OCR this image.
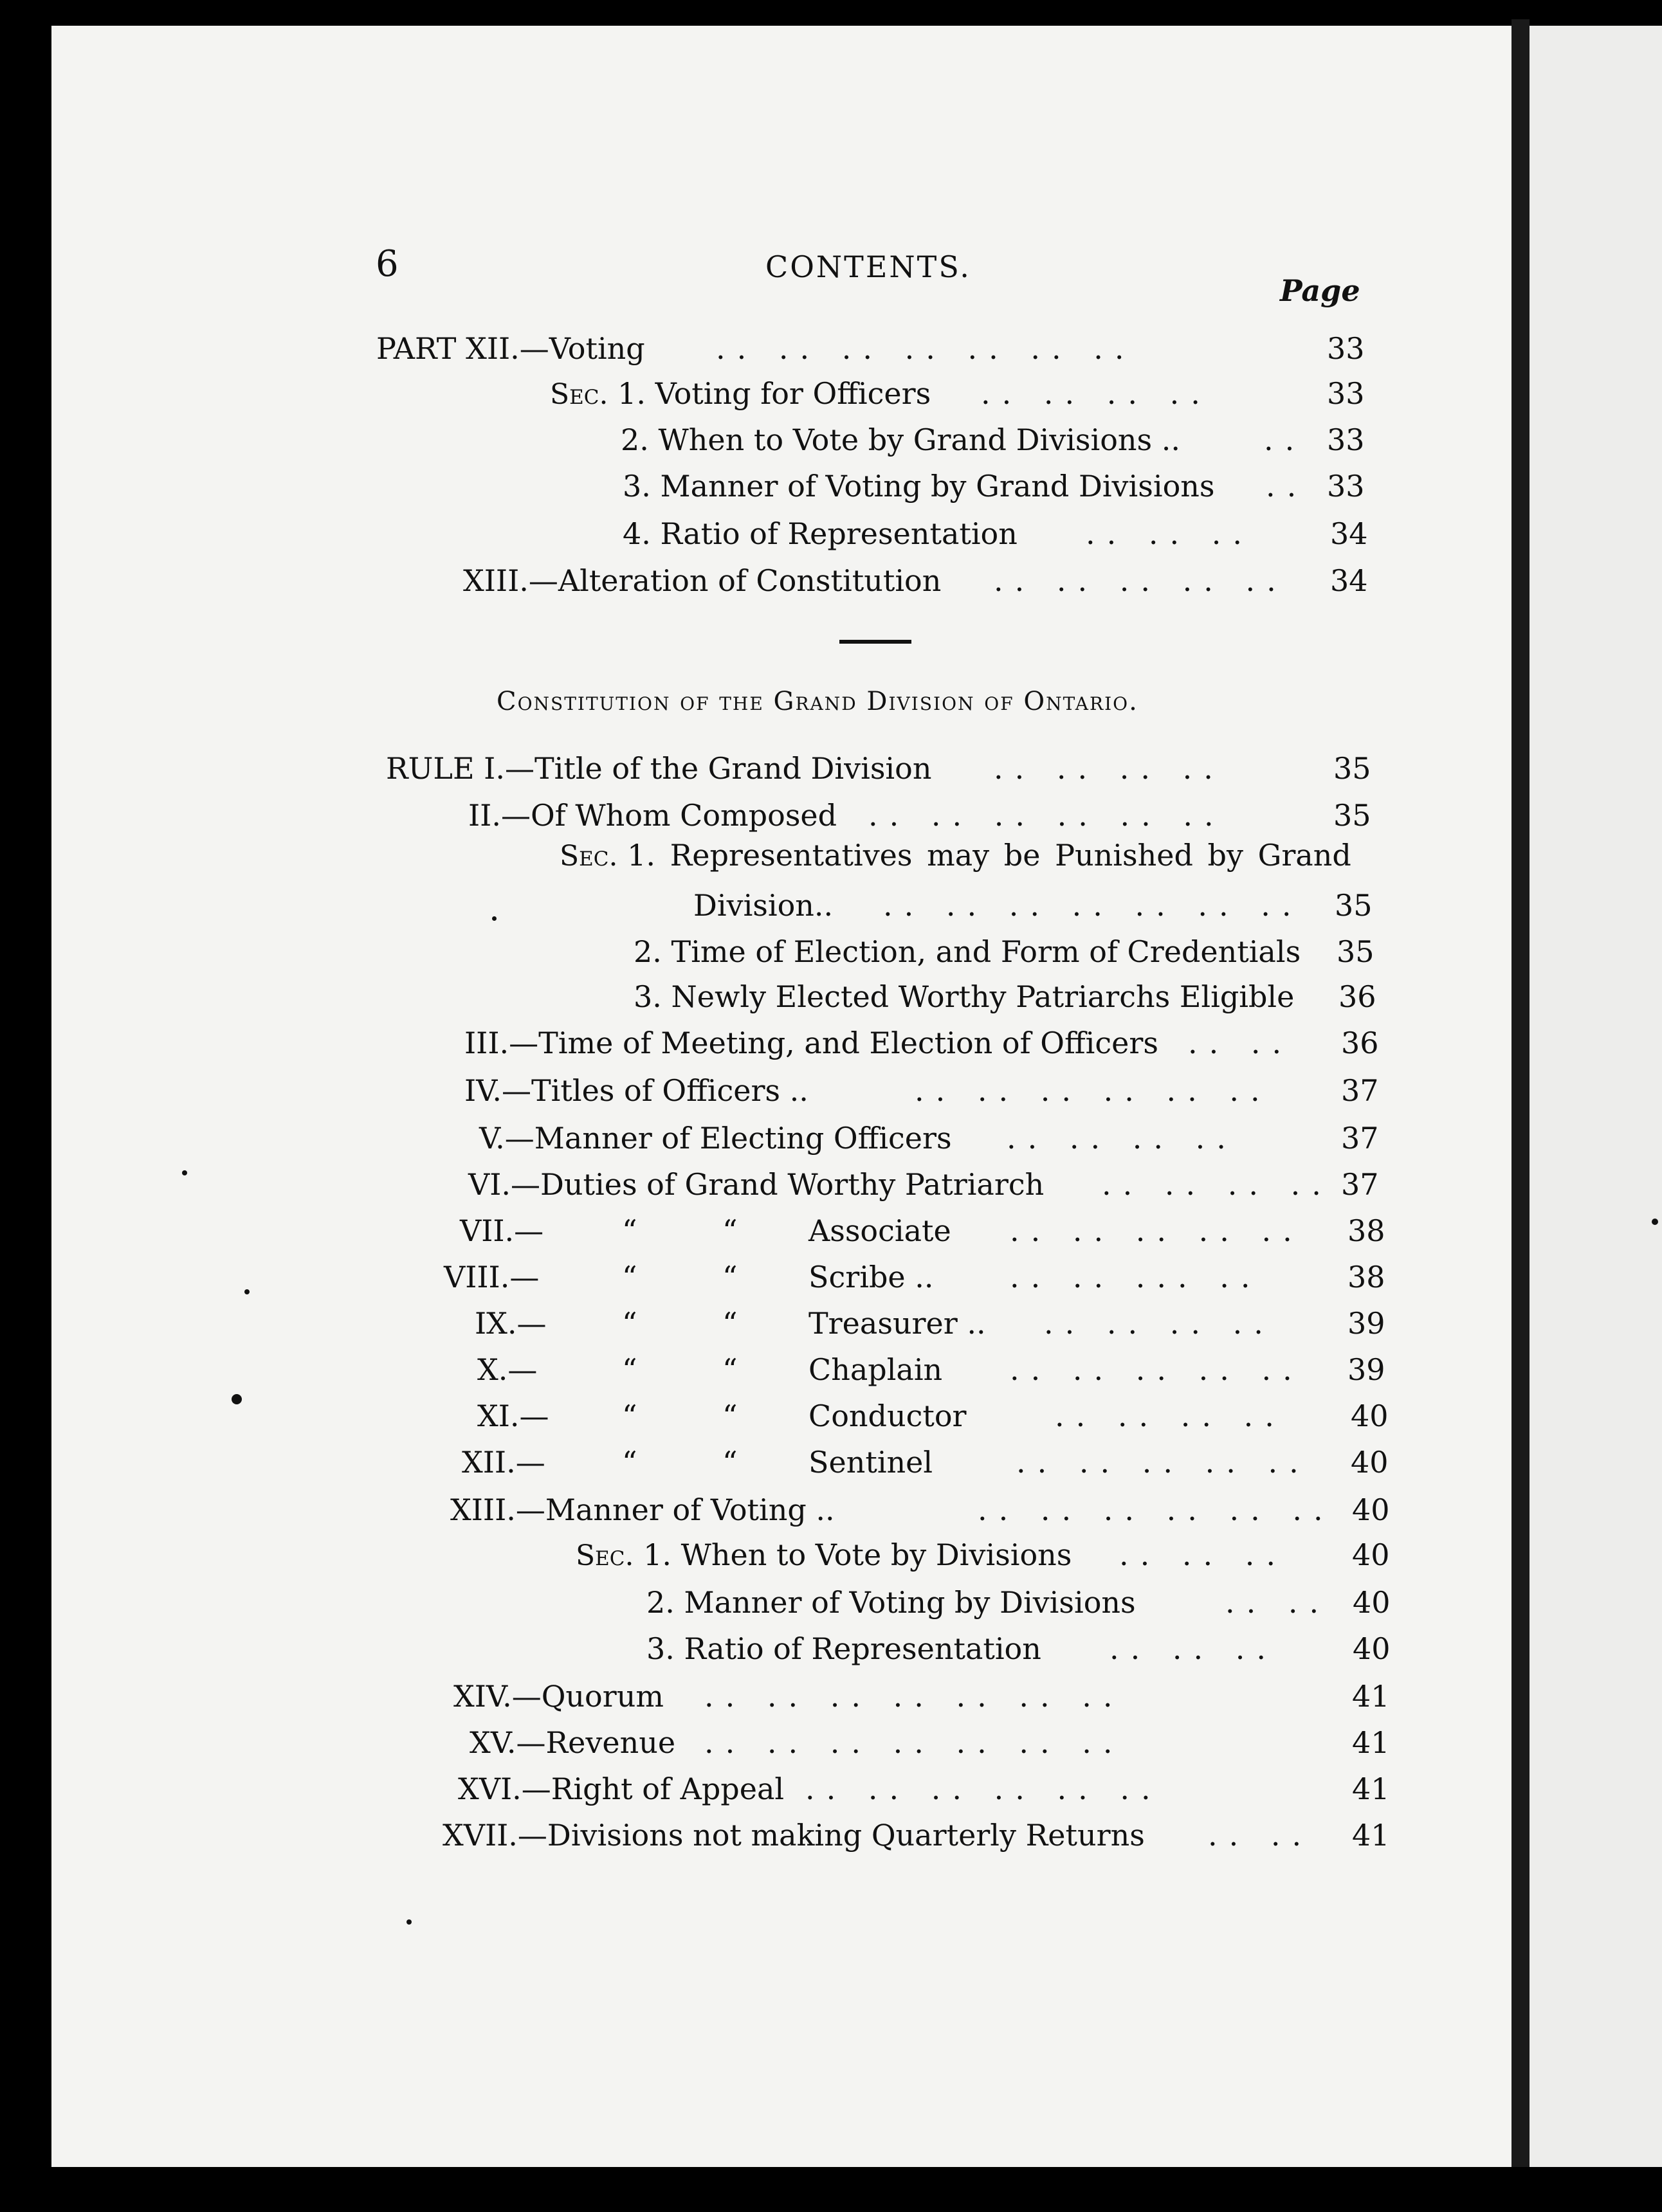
6	CONTENTS.
Page
PART XII.—Voting .. .. .. .. .. .. ..	33
Sec. 1. Voting for Officers .. .. .. ..	33
2. When to Vote by Grand Divisions ..	.. 33
3. Manner of Voting by Grand Divisions .. 33
4. Ratio of Representation .. .. ..	34
XIII.—Alteration of Constitution .. .. .. .. .. 34
Constitution of the Grand Division of Ontario.
RULE I.—Title of the Grand Division .. .. .. ..	35
II.—Of Whom Composed .. .. .. .. .. ..	35
Sec. 1. Representatives may be Punished by Grand
Division.. .. .. .. .. .. .. .. 35
2. Time of Election, and Form of Credentials 35
3. Newly Elected Worthy Patriarchs Eligible 36
III.—Time of Meeting, and Election of Officers .. .. 36
IV.—Titles of Officers ..	.. .. .. .. .. .. 37
V.—Manner of Electing Officers .. .. .. ..	37
VI.—Duties of Grand Worthy Patriarch .. .. .. .. 37
VII.—	“	“ Associate .. .. .. .. .. 38
VIII.—	“	“ Scribe ..	.. .. ... ..	38
IX.—	“	“ Treasurer .. .. .. .. .. 39
X.—	“	“ Chaplain .. .. .. .. .. 39
XI.— “	“ Conductor	.. .. .. .. 40
XII.—	“	“ Sentinel	.. .. .. .. .. 40
XIII.—Manner of Voting ..	.. .. .. .. .. .. 40
Sec. 1. When to Vote by Divisions .. .. .. 40
2. Manner of Voting by Divisions	.. .. 40
3. Ratio of Representation .. .. ..	40
XIV.—Quorum .. .. .. .. .. .. ..	41
XV.—Revenue .. .. .. .. .. .. ..	41
XVI.—Right of Appeal .. .. .. .. .. ..	41
XVII.—Divisions not making Quarterly Returns .. .. 41
